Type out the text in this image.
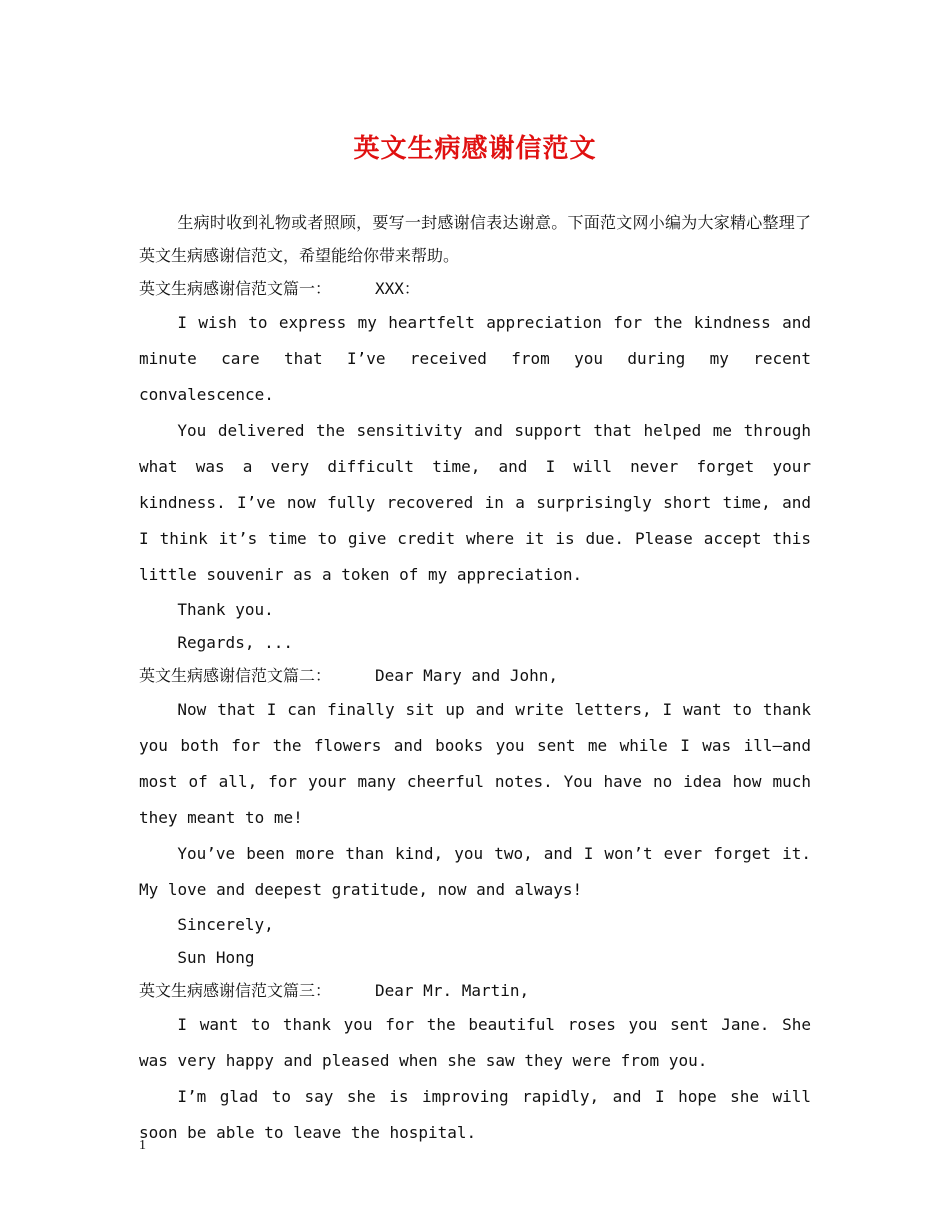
英文生病感谢信范文

生病时收到礼物或者照顾，要写一封感谢信表达谢意。下面范文网小编为大家精心整理了英文生病感谢信范文，希望能给你带来帮助。

英文生病感谢信范文篇一：	XXX：

I wish to express my heartfelt appreciation for the kindness and minute care that I’ve received from you during my recent convalescence.

You delivered the sensitivity and support that helped me through what was a very difficult time, and I will never forget your kindness. I’ve now fully recovered in a surprisingly short time, and I think it’s time to give credit where it is due. Please accept this little souvenir as a token of my appreciation.

Thank you.

Regards, ...

英文生病感谢信范文篇二：	Dear Mary and John,

Now that I can finally sit up and write letters, I want to thank you both for the flowers and books you sent me while I was ill—and most of all, for your many cheerful notes. You have no idea how much they meant to me!

You’ve been more than kind, you two, and I won’t ever forget it. My love and deepest gratitude, now and always!

Sincerely,

Sun Hong

英文生病感谢信范文篇三：	Dear Mr. Martin,

I want to thank you for the beautiful roses you sent Jane. She was very happy and pleased when she saw they were from you.

I’m glad to say she is improving rapidly, and I hope she will soon be able to leave the hospital.

1
